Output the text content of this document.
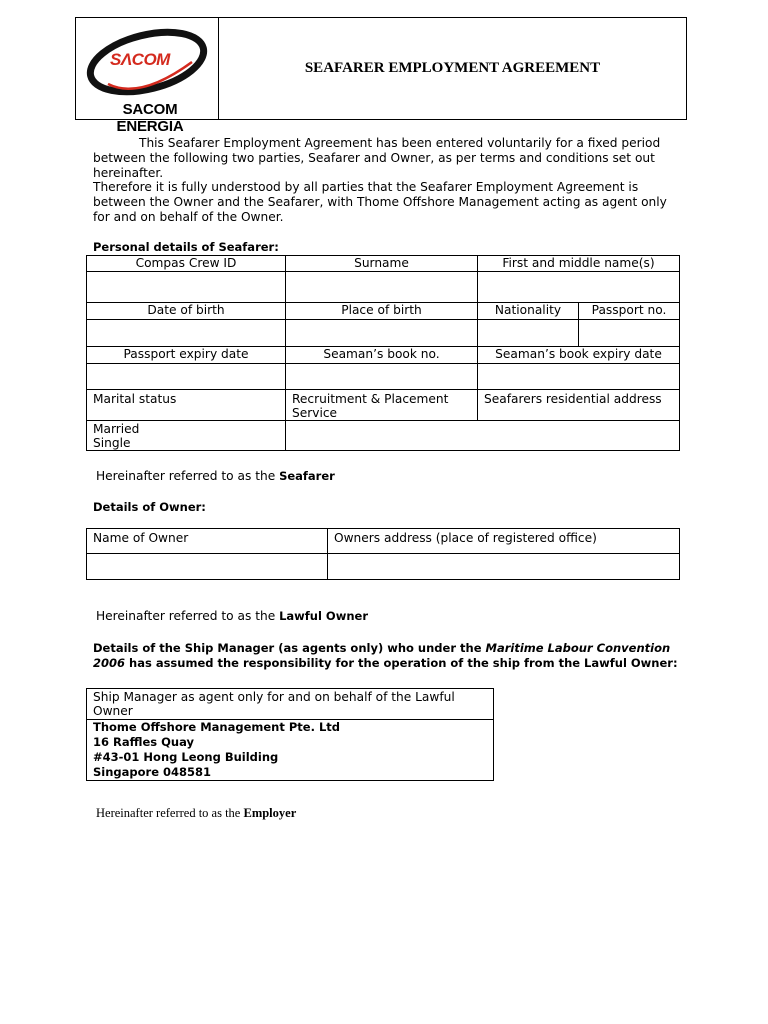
SΛCOM
SACOM ENERGIA
SEAFARER EMPLOYMENT AGREEMENT
This Seafarer Employment Agreement has been entered voluntarily for a fixed period between the following two parties, Seafarer and Owner, as per terms and conditions set out hereinafter.
Therefore it is fully understood by all parties that the Seafarer Employment Agreement is between the Owner and the Seafarer, with Thome Offshore Management acting as agent only for and on behalf of the Owner.
Personal details of Seafarer:
Compas Crew ID	Surname	First and middle name(s)	

Date of birth	Place of birth	Nationality	Passport no.

Passport expiry date	Seaman’s book no.	Seaman’s book expiry date	

Marital status	Recruitment & Placement Service	Seafarers residential address	

Married
Single			

Hereinafter referred to as the Seafarer
Details of Owner:
Name of Owner	Owners address (place of registered office)

Hereinafter referred to as the Lawful Owner
Details of the Ship Manager (as agents only) who under the Maritime Labour Convention 2006 has assumed the responsibility for the operation of the ship from the Lawful Owner:
Ship Manager as agent only for and on behalf of the Lawful Owner

Thome Offshore Management Pte. Ltd
16 Raffles Quay
#43-01 Hong Leong Building
Singapore 048581
Hereinafter referred to as the Employer
